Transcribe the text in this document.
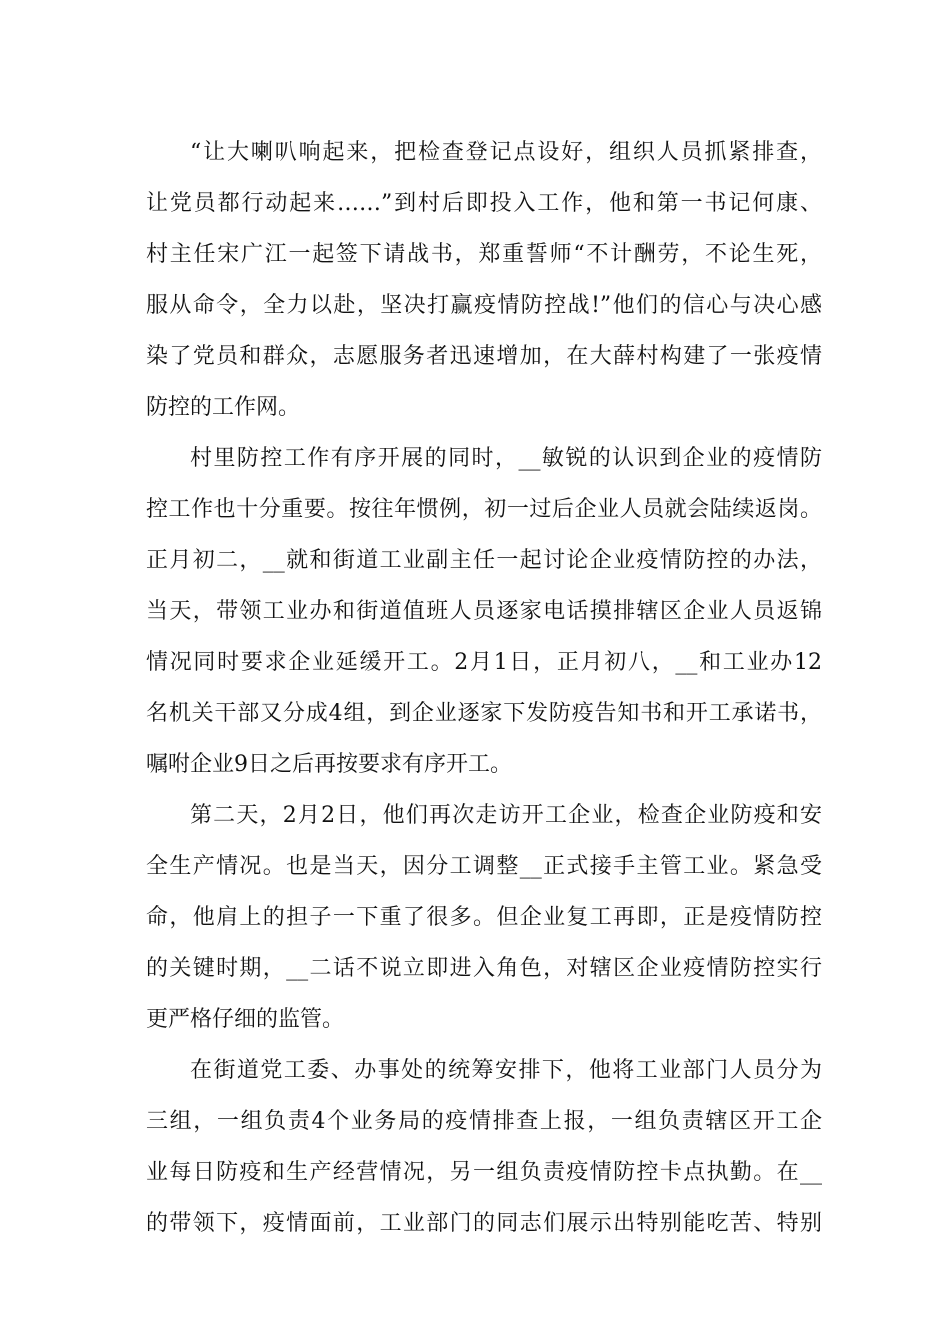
“让大喇叭响起来，把检查登记点设好，组织人员抓紧排查，
让党员都行动起来……”到村后即投入工作，他和第一书记何康、
村主任宋广江一起签下请战书，郑重誓师“不计酬劳，不论生死，
服从命令，全力以赴，坚决打赢疫情防控战!”他们的信心与决心感
染了党员和群众，志愿服务者迅速增加，在大薛村构建了一张疫情
防控的工作网。
村里防控工作有序开展的同时，__敏锐的认识到企业的疫情防
控工作也十分重要。按往年惯例，初一过后企业人员就会陆续返岗。
正月初二，__就和街道工业副主任一起讨论企业疫情防控的办法，
当天，带领工业办和街道值班人员逐家电话摸排辖区企业人员返锦
情况同时要求企业延缓开工。2月1日，正月初八，__和工业办12
名机关干部又分成4组，到企业逐家下发防疫告知书和开工承诺书，
嘱咐企业9日之后再按要求有序开工。
第二天，2月2日，他们再次走访开工企业，检查企业防疫和安
全生产情况。也是当天，因分工调整__正式接手主管工业。紧急受
命，他肩上的担子一下重了很多。但企业复工再即，正是疫情防控
的关键时期，__二话不说立即进入角色，对辖区企业疫情防控实行
更严格仔细的监管。
在街道党工委、办事处的统筹安排下，他将工业部门人员分为
三组，一组负责4个业务局的疫情排查上报，一组负责辖区开工企
业每日防疫和生产经营情况，另一组负责疫情防控卡点执勤。在__
的带领下，疫情面前，工业部门的同志们展示出特别能吃苦、特别
